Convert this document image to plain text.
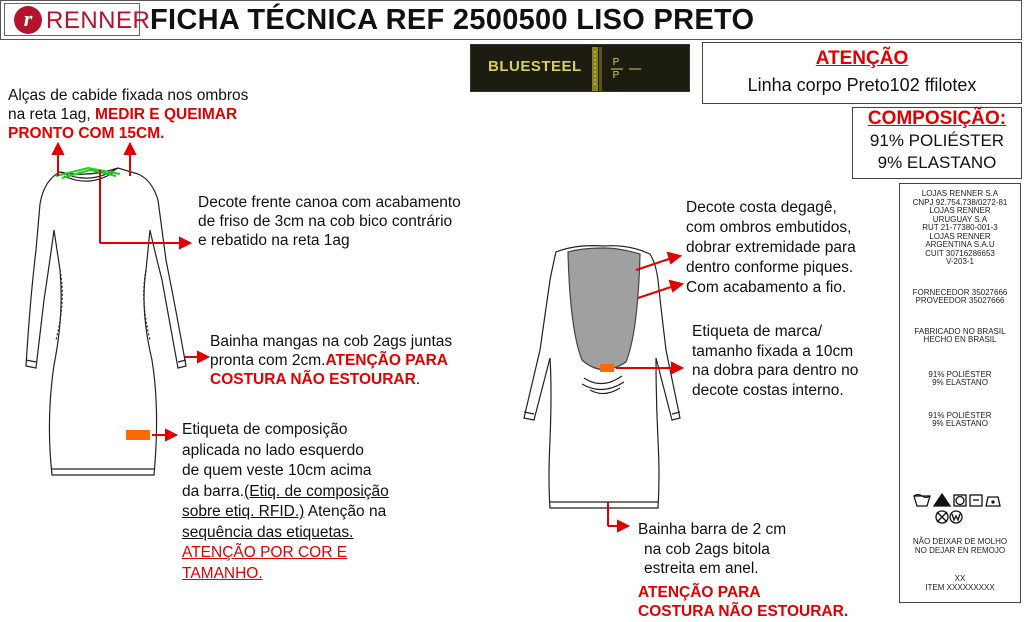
r RENNER FICHA TÉCNICA REF 2500500 LISO PRETO
BLUESTEEL	P
P
ATENÇÃO
Linha corpo Preto102 ffilotex
COMPOSIÇÃO:
91% POLIÉSTER
9% ELASTANO
LOJAS RENNER S.A
CNPJ 92.754.738/0272-81
LOJAS RENNER
URUGUAY S.A
RUT 21-77380-001-3
LOJAS RENNER
ARGENTINA S.A.U
CUIT 30716286653
V-203-1
FORNECEDOR 35027666
PROVEEDOR 35027666
FABRICADO NO BRASIL
HECHO EN BRASIL
91% POLIÉSTER
9% ELASTANO
91% POLIÉSTER
9% ELASTANO
NÃO DEIXAR DE MOLHO
NO DEJAR EN REMOJO
XX
ITEM XXXXXXXXX
Alças de cabide fixada nos ombros
na reta 1ag, MEDIR E QUEIMAR
PRONTO COM 15CM.
Decote frente canoa com acabamento
de friso de 3cm na cob bico contrário
e rebatido na reta 1ag
Bainha mangas na cob 2ags juntas
pronta com 2cm.ATENÇÃO PARA
COSTURA NÃO ESTOURAR.
Etiqueta de composição
aplicada no lado esquerdo
de quem veste 10cm acima
da barra.(Etiq. de composição
sobre etiq. RFID.) Atenção na
sequência das etiquetas.
ATENÇÃO POR COR E
TAMANHO.
Decote costa degagê,
com ombros embutidos,
dobrar extremidade para
dentro conforme piques.
Com acabamento a fio.
Etiqueta de marca/
tamanho fixada a 10cm
na dobra para dentro no
decote costas interno.
Bainha barra de 2 cm
na cob 2ags bitola
estreita em anel.
ATENÇÃO PARA
COSTURA NÃO ESTOURAR.
